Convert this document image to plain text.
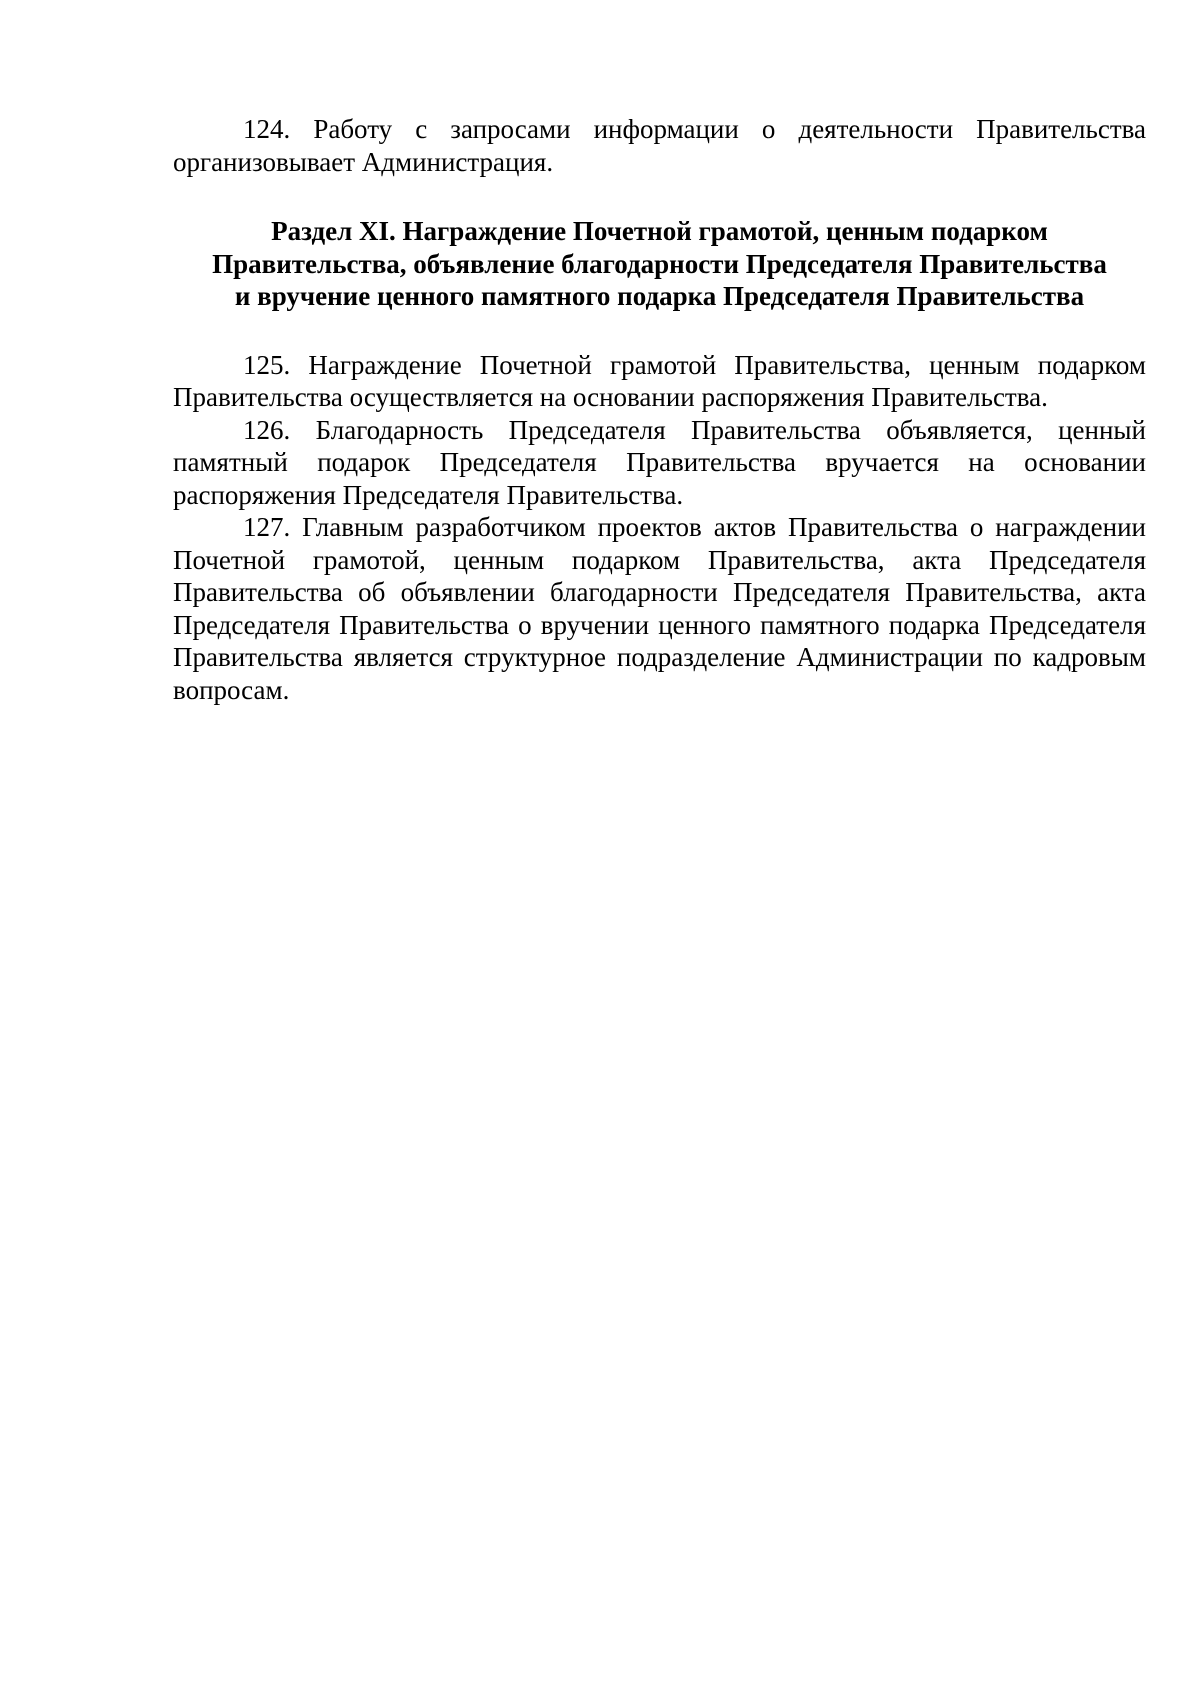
124. Работу с запросами информации о деятельности Правительства организовывает Администрация.

Раздел XI. Награждение Почетной грамотой, ценным подарком
Правительства, объявление благодарности Председателя Правительства
и вручение ценного памятного подарка Председателя Правительства

125. Награждение Почетной грамотой Правительства, ценным подарком Правительства осуществляется на основании распоряжения Правительства.

126. Благодарность Председателя Правительства объявляется, ценный памятный подарок Председателя Правительства вручается на основании распоряжения Председателя Правительства.

127. Главным разработчиком проектов актов Правительства о награждении Почетной грамотой, ценным подарком Правительства, акта Председателя Правительства об объявлении благодарности Председателя Правительства, акта Председателя Правительства о вручении ценного памятного подарка Председателя Правительства является структурное подразделение Администрации по кадровым вопросам.
